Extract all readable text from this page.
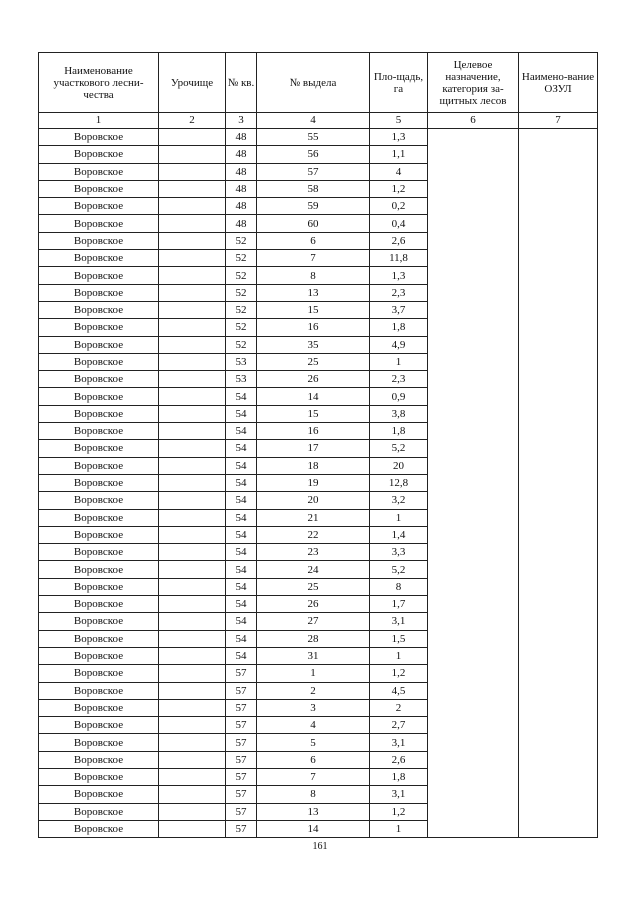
Наименование участкового лесни-чества	Урочище	№ кв.	№ выдела	Пло-щадь, га	Целевое назначение, категория за-щитных лесов	Наимено-вание ОЗУЛ
1	2	3	4	5	6	7
Воровское		48	55	1,3		
Воровское		48	56	1,1		
Воровское		48	57	4		
Воровское		48	58	1,2		
Воровское		48	59	0,2		
Воровское		48	60	0,4		
Воровское		52	6	2,6		
Воровское		52	7	11,8		
Воровское		52	8	1,3		
Воровское		52	13	2,3		
Воровское		52	15	3,7		
Воровское		52	16	1,8		
Воровское		52	35	4,9		
Воровское		53	25	1		
Воровское		53	26	2,3		
Воровское		54	14	0,9		
Воровское		54	15	3,8		
Воровское		54	16	1,8		
Воровское		54	17	5,2		
Воровское		54	18	20		
Воровское		54	19	12,8		
Воровское		54	20	3,2		
Воровское		54	21	1		
Воровское		54	22	1,4		
Воровское		54	23	3,3		
Воровское		54	24	5,2		
Воровское		54	25	8		
Воровское		54	26	1,7		
Воровское		54	27	3,1		
Воровское		54	28	1,5		
Воровское		54	31	1		
Воровское		57	1	1,2		
Воровское		57	2	4,5		
Воровское		57	3	2		
Воровское		57	4	2,7		
Воровское		57	5	3,1		
Воровское		57	6	2,6		
Воровское		57	7	1,8		
Воровское		57	8	3,1		
Воровское		57	13	1,2		
Воровское		57	14	1		
161
